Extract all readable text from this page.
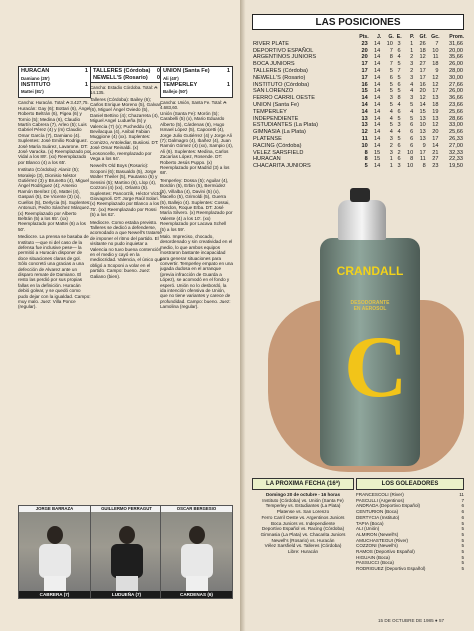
HURACAN	1
Damiano (25')
INSTITUTO	1
Mattei (81')

Cancha: Huracán. Total: ₳ 3.427,75.

Huracán: Gay (6); Bottari (6), Ángel Roberto Beltrán (6), Pigea (6) y Tornio (5); Medina (6), Claudio Martín Cabrera (7), Arleo (5); Luis Gabriel Pérez (4) y (m) Claudio Omar García (7), Damiano (4). Suplentes: José Emilio Rodriguez. José María Suárez, Lavarone. DT: José Varacka. (x) Reemplazado por Vidal a los 89'. (xx) Reemplazado por Blanco (4) a los 65'.

Instituto (Córdoba): Alaniz (5); Moralejo (3), Dionisio Néstor Gutiérrez (3) y Brunetto (4), Miguel Ángel Rodríguez (4); Arsenio Ramón Benítez (4), Mattei (4), Gaspari (5), De Vicente (3) (x), Cuellos (5), Derlycia (5). Suplentes: Antonuzi, Pedro Sánchez Márquez. (x) Reemplazado por Alberto Beltrán (5) a los 65'. (xx) Reemplazado por Mattei (6) a los 50'.

Mediocre. La prensa se basaba de Instituto —que ni del caso de la defensa fue inclusive pese— la permitió a Huracán disponer de doce situaciones claras de gol. Sólo concretó una gracias a una defección de Alvarez ante un disparo remate de Damiano. El resto las perdió por sus propias fallas en la definición. Huracán debió golear, y se quedó como pudo dejar con la igualdad. Campo: muy malo. Juez: Villa Ponce (regular).

TALLERES (Córdoba) 0
NEWELL'S (Rosario) 0

Cancha: Estadio Córdoba. Total: ₳ 14.135.

Talleres (Córdoba): Bailey (6); Carlos Enrique Moreno (5), Galvan (6), Miguel Ángel Oviedo (5), Daniel Bettino (4); Chazarreta (4), Miguel Angel Ludueña (5) y Valencia (7) (x); Pucheddu (4), Bevilacqua (4), Anibal Fabian Muggione (4) (xx). Suplentes: Comizzo, Antolediar, Busiiosi. DT: José Omar Reinaldi. (x) Leosoncello, reemplazado por Vega a los 64'.

Newell's Old Boys (Rosario): Scoponi (6); Basualdo (5), Jorge Walter Theiler (5), Pautasso (5) y Sensini (5); Martino (6), Llop (4), Cozzoni (4) (xx), Orlanto (5). Suplentes: Pancorzik, Héctor Victor Giovagnoli. DT: Jorge Raúl Solari. (x) Reemplazado por Blanco a los 75'. (xx) Reemplazado por Rossi (5) a los 62'.

Mediocre. Como estaba previsto. Talleres se dedicó a defenderse, acomodado a que Newell's tratarse de imponer el ritmo del partido. El visitante no pudo inquietar a Valencia no tuvo buena contención en el medio y cayó en la mediocridad. Valencia, el único que obligó a Scoponi a volar en el partido. Campo: bueno. Juez: Galiano (bien).

UNION (Santa Fe)	1
Ali (40')
TEMPERLEY	1
Ballejo (50')

Cancha: Unión, Santa Fe. Total: ₳ 4.683,60.

Unión (Santa Fe): Morón (5); Carabelli (5) (x), Mario Eduardo Alberto (5), Cárdenas (6), Hugo Ismael López (5), Capocetti (4), Jorge Julio Gutiérrez (4) y Jorge Ali (7); Dalmagro (4), Ibañez (4), Juan Ramón Gómez (4) (xx), Sampio (4), Ali (6). Suplentes: Medina, Carlos Zacarías López, Rosende. DT: Roberto Jesús Puppo. (x) Reemplazado por Madrid (3) a los 68'.

Temperley: Dossa (5); Aguilar (4), Bordón (5), Erbin (5), Bermúdez (5), Villalba (4), Davini (5) (x), Macello (5), Grimoldi (5), Guerra (5), Ballejo (4). Suplentes: Cossai, Rendon, Roque Erba. DT: José María Silvero. (x) Reemplazado por Valente (4) a los 10'. (xx) Reemplazado por Lacava Schell (5) a los 59'.

Malo. Impreciso, chocado, desordenado y sin creatividad en el medio, lo que ambos equipos mostraron bastante incapacidad para generar situaciones para convertir. Temperley empato en una jugada dudosa en el arranque (previa infracción de Guarda a López), se acomodó en el fondo y esperó. Unión no lo desbordó, la ida intención ofensiva de Unión, que no tiene variantes y carece de profundidad. Campo: bueno. Juez: Lamolina (regular).

JORGE BARRAZA
CABRERA (7)
GUILLERMO FERRAGUT
LUDUEÑA (7)
OSCAR BERGESIO
CARDENAS (6)
LAS POSICIONES
	Pts.	J.	G.	E.	P.	Gf.	Gc.	Prom.
RIVER PLATE	23	14	10	3	1	26	7	31,66
DEPORTIVO ESPAÑOL	20	14	7	6	1	18	10	20,00
ARGENTINOS JUNIORS	20	14	8	4	2	12	11	35,66
BOCA JUNIORS	17	14	7	5	3	27	18	26,00
TALLERES (Córdoba)	17	14	5	7	2	17	9	28,00
NEWELL'S (Rosario)	17	14	6	5	3	17	12	30,00
INSTITUTO (Córdoba)	16	14	5	6	4	16	12	27,66
SAN LORENZO	15	14	5	5	4	20	17	26,00
FERRO CARRIL OESTE	14	14	3	8	3	12	13	36,66
UNION (Santa Fe)	14	14	5	4	5	14	18	23,66
TEMPERLEY	14	14	4	6	4	15	19	25,66
INDEPENDIENTE	13	14	4	5	5	13	13	28,66
ESTUDIANTES (La Plata)	13	14	5	3	6	10	12	33,00
GIMNASIA (La Plata)	12	14	4	4	6	13	20	25,66
PLATENSE	11	14	3	5	6	13	17	26,33
RACING (Córdoba)	10	14	2	6	6	9	14	27,00
VELEZ SARSFIELD	8	15	3	2	10	17	21	32,33
HURACAN	8	15	1	6	8	11	27	22,33
CHACARITA JUNIORS	5	14	1	3	10	8	23	19,50
CRANDALL
DESODORANTE
EN AEROSOL
C
LA PROXIMA FECHA (16ª)	LOS GOLEADORES
Domingo 20 de octubre - 16 horas
Instituto (Córdoba) vs. Unión (Santa Fe)
Temperley vs. Estudiantes (La Plata)
Platense vs. San Lorenzo
Ferro Carril Oeste vs. Argentinos Juniors
Boca Juniors vs. Independiente
Deportivo Español vs. Racing (Córdoba)
Gimnasia (La Plata) vs. Chacarita Juniors
Newell's (Rosario) vs. Huracán
Vélez Sarsfield vs. Talleres (Córdoba)
Libre: Huracán
FRANCESCOLI (River)	11
PASCULLI (Argentinos)	7
ANDRADA (Deportivo Español)	6
CENTURION (Boca)	6
DERTYCIA (Instituto)	6
TAPIA (Boca)	5
ALI (Unión)	5
ALMIRON (Newell's)	5
AMUCHASTEGUI (River)	5
COZZONI (Newell's)	5
RAMOS (Deportivo Español)	5
HIGUAIN (Boca)	5
PASSUCCI (Boca)	5
RODRIGUEZ (Deportivo Español)	5
15 DE OCTUBRE DE 1985 ● 57
